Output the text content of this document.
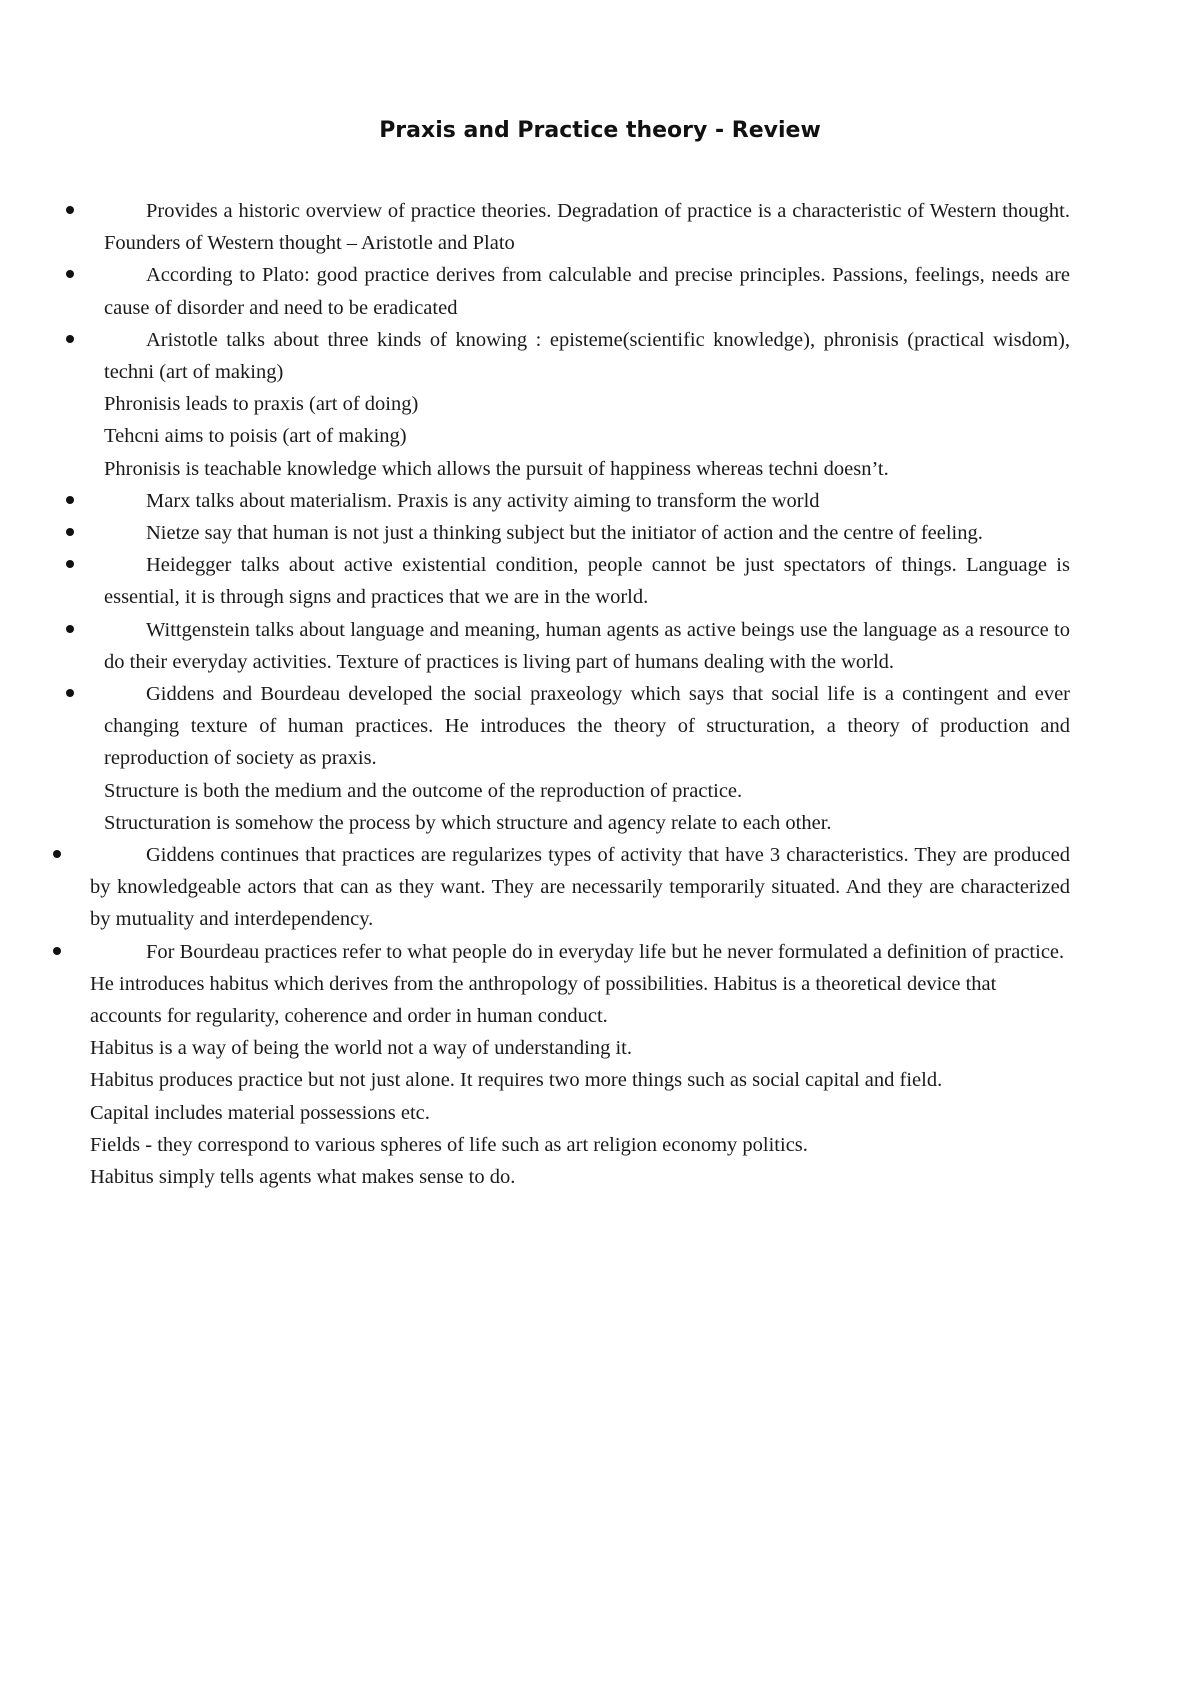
Praxis and Practice theory - Review

Provides a historic overview of practice theories. Degradation of practice is a characteristic of Western thought. Founders of Western thought – Aristotle and Plato

According to Plato: good practice derives from calculable and precise principles. Passions, feelings, needs are cause of disorder and need to be eradicated

Aristotle talks about three kinds of knowing : episteme(scientific knowledge), phronisis (practical wisdom), techni (art of making)

Phronisis leads to praxis (art of doing)

Tehcni aims to poisis (art of making)

Phronisis is teachable knowledge which allows the pursuit of happiness whereas techni doesn’t.

Marx talks about materialism. Praxis is any activity aiming to transform the world

Nietze say that human is not just a thinking subject but the initiator of action and the centre of feeling.

Heidegger talks about active existential condition, people cannot be just spectators of things. Language is essential, it is through signs and practices that we are in the world.

Wittgenstein talks about language and meaning, human agents as active beings use the language as a resource to do their everyday activities. Texture of practices is living part of humans dealing with the world.

Giddens and Bourdeau developed the social praxeology which says that social life is a contingent and ever changing texture of human practices. He introduces the theory of structuration, a theory of production and reproduction of society as praxis.

Structure is both the medium and the outcome of the reproduction of practice.

Structuration is somehow the process by which structure and agency relate to each other.

Giddens continues that practices are regularizes types of activity that have 3 characteristics. They are produced by knowledgeable actors that can as they want. They are necessarily temporarily situated. And they are characterized by mutuality and interdependency.

For Bourdeau practices refer to what people do in everyday life but he never formulated a definition of practice.

He introduces habitus which derives from the anthropology of possibilities. Habitus is a theoretical device that accounts for regularity, coherence and order in human conduct.

Habitus is a way of being the world not a way of understanding it.

Habitus produces practice but not just alone. It requires two more things such as social capital and field.

Capital includes material possessions etc.

Fields - they correspond to various spheres of life such as art religion economy politics.

Habitus simply tells agents what makes sense to do.
